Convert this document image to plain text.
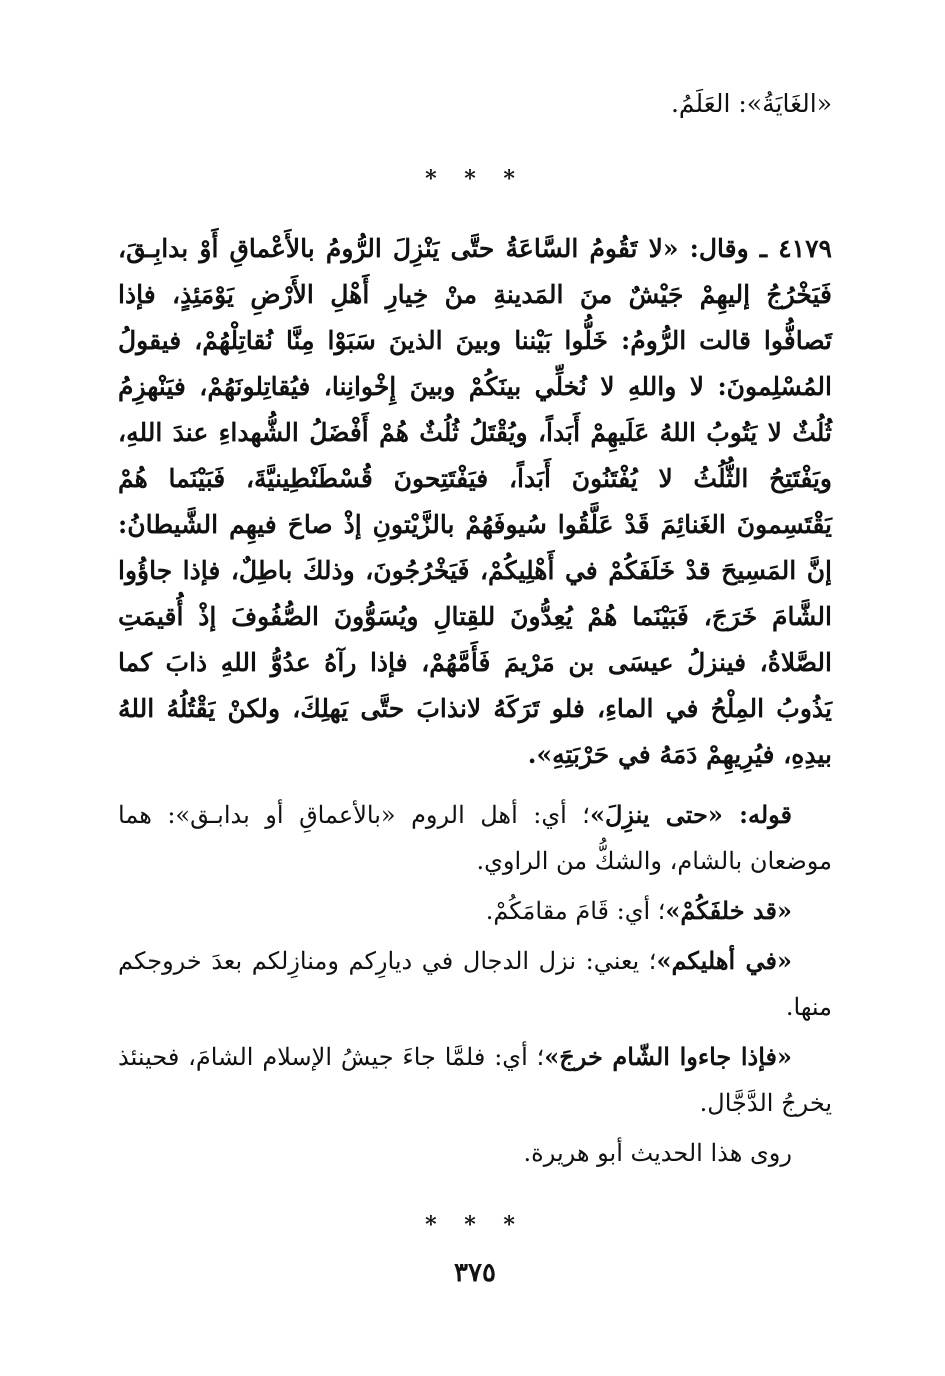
«الغَايَةُ»: العَلَمُ.

* * *

٤١٧٩ ـ وقال: «لا تَقُومُ السَّاعَةُ حتَّى يَنْزِلَ الرُّومُ بالأَعْماقِ أَوْ بدابِـقَ، فَيَخْرُجُ إليهِمْ جَيْشٌ منَ المَدينةِ منْ خِيارِ أَهْلِ الأَرْضِ يَوْمَئِذٍ، فإذا تَصافُّوا قالت الرُّومُ: خَلُّوا بَيْننا وبينَ الذينَ سَبَوْا مِنَّا نُقاتِلْهُمْ، فيقولُ المُسْلِمونَ: لا واللهِ لا نُخلِّي بينَكُمْ وبينَ إِخْوانِنا، فيُقاتِلونَهُمْ، فيَنْهزِمُ ثُلُثٌ لا يَتُوبُ اللهُ عَلَيهِمْ أَبَداً، ويُقْتَلُ ثُلُثٌ هُمْ أَفْضَلُ الشُّهداءِ عندَ اللهِ، ويَفْتَتِحُ الثُّلُثُ لا يُفْتَنُونَ أَبَداً، فيَفْتَتِحونَ قُسْطَنْطِينيَّةَ، فَبَيْنَما هُمْ يَقْتَسِمونَ الغَنائِمَ قَدْ عَلَّقُوا سُيوفَهُمْ بالزَّيْتونِ إذْ صاحَ فيهِم الشَّيطانُ: إنَّ المَسِيحَ قدْ خَلَفَكُمْ في أَهْلِيكُمْ، فَيَخْرُجُونَ، وذلكَ باطِلٌ، فإذا جاؤُوا الشَّامَ خَرَجَ، فَبَيْنَما هُمْ يُعِدُّونَ للقِتالِ ويُسَوُّونَ الصُّفُوفَ إذْ أُقيمَتِ الصَّلاةُ، فينزلُ عيسَى بن مَرْيمَ فَأَمَّهُمْ، فإذا رآهُ عدُوُّ اللهِ ذابَ كما يَذُوبُ المِلْحُ في الماءِ، فلو تَرَكَهُ لانذابَ حتَّى يَهلِكَ، ولكنْ يَقْتُلُهُ اللهُ بيدِهِ، فيُرِيهِمْ دَمَهُ في حَرْبَتِهِ».

قوله: «حتى ينزِلَ»؛ أي: أهل الروم «بالأعماقِ أو بدابـق»: هما موضعان بالشام، والشكُّ من الراوي.

«قد خلفَكُمْ»؛ أي: قَامَ مقامَكُمْ.

«في أهليكم»؛ يعني: نزل الدجال في ديارِكم ومنازِلكم بعدَ خروجكم منها.

«فإذا جاءوا الشّام خرجَ»؛ أي: فلمَّا جاءَ جيشُ الإسلام الشامَ، فحينئذ يخرجُ الدَّجَّال.

روى هذا الحديث أبو هريرة.

* * *

٣٧٥
